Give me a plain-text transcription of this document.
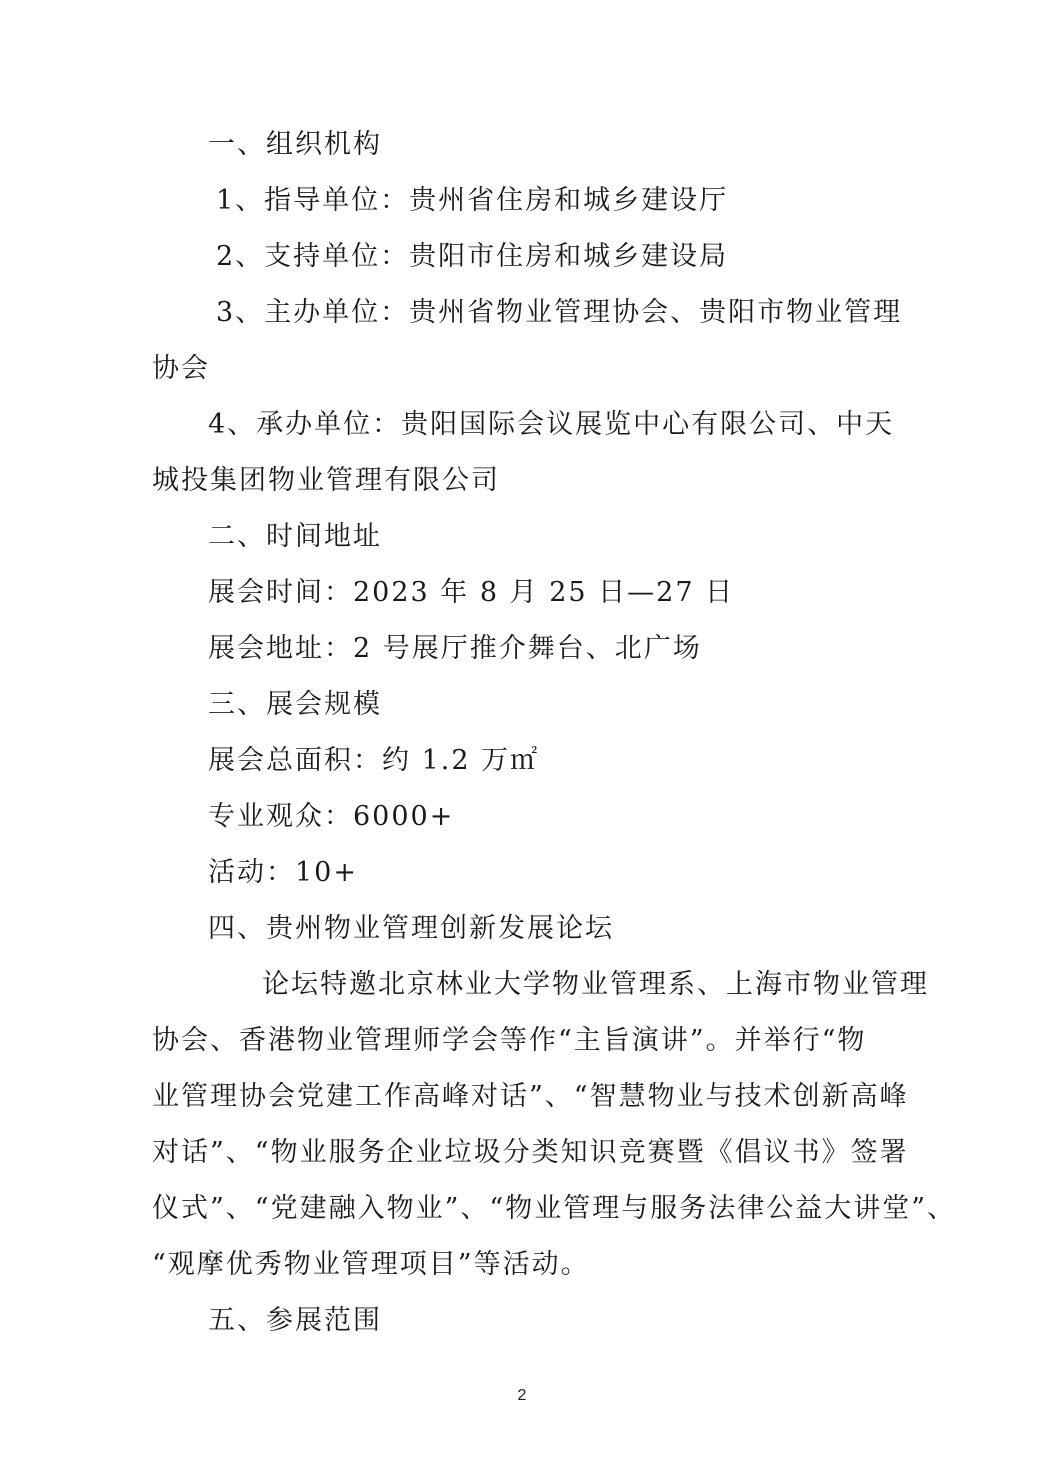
一、组织机构
1、指导单位：贵州省住房和城乡建设厅
2、支持单位：贵阳市住房和城乡建设局
3、主办单位：贵州省物业管理协会、贵阳市物业管理
协会
4、承办单位：贵阳国际会议展览中心有限公司、中天
城投集团物业管理有限公司
二、时间地址
展会时间：2023 年 8 月 25 日—27 日
展会地址：2 号展厅推介舞台、北广场
三、展会规模
展会总面积：约 1.2 万㎡
专业观众：6000+
活动：10+
四、贵州物业管理创新发展论坛
论坛特邀北京林业大学物业管理系、上海市物业管理
协会、香港物业管理师学会等作“主旨演讲”。并举行“物
业管理协会党建工作高峰对话”、“智慧物业与技术创新高峰
对话”、“物业服务企业垃圾分类知识竞赛暨《倡议书》签署
仪式”、“党建融入物业”、“物业管理与服务法律公益大讲堂”、
“观摩优秀物业管理项目”等活动。
五、参展范围
2
